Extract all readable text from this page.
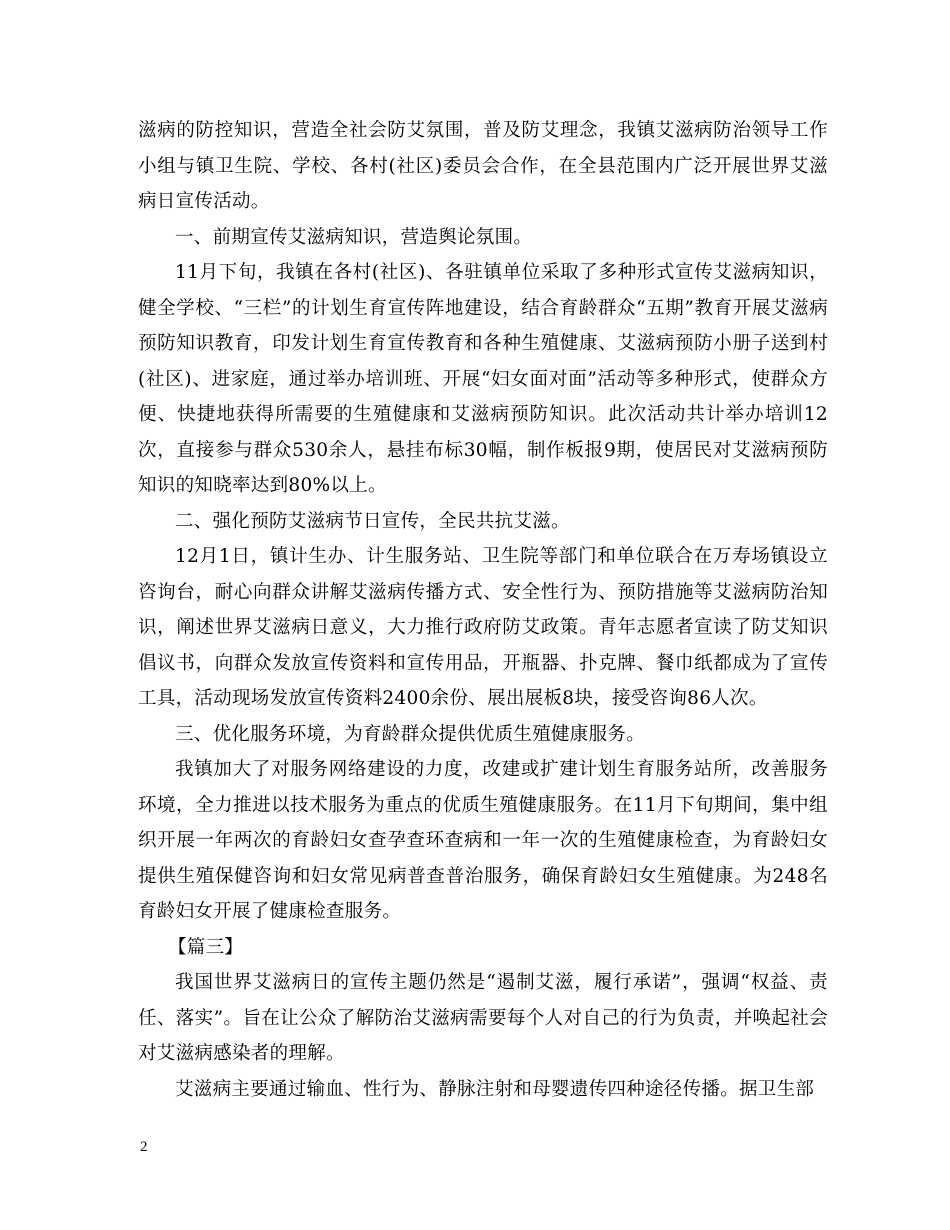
滋病的防控知识，营造全社会防艾氛围，普及防艾理念，我镇艾滋病防治领导工作小组与镇卫生院、学校、各村(社区)委员会合作，在全县范围内广泛开展世界艾滋病日宣传活动。

一、前期宣传艾滋病知识，营造舆论氛围。

11月下旬，我镇在各村(社区)、各驻镇单位采取了多种形式宣传艾滋病知识，健全学校、“三栏”的计划生育宣传阵地建设，结合育龄群众“五期”教育开展艾滋病预防知识教育，印发计划生育宣传教育和各种生殖健康、艾滋病预防小册子送到村(社区)、进家庭，通过举办培训班、开展“妇女面对面”活动等多种形式，使群众方便、快捷地获得所需要的生殖健康和艾滋病预防知识。此次活动共计举办培训12次，直接参与群众530余人，悬挂布标30幅，制作板报9期，使居民对艾滋病预防知识的知晓率达到80%以上。

二、强化预防艾滋病节日宣传，全民共抗艾滋。

12月1日，镇计生办、计生服务站、卫生院等部门和单位联合在万寿场镇设立咨询台，耐心向群众讲解艾滋病传播方式、安全性行为、预防措施等艾滋病防治知识，阐述世界艾滋病日意义，大力推行政府防艾政策。青年志愿者宣读了防艾知识倡议书，向群众发放宣传资料和宣传用品，开瓶器、扑克牌、餐巾纸都成为了宣传工具，活动现场发放宣传资料2400余份、展出展板8块，接受咨询86人次。

三、优化服务环境，为育龄群众提供优质生殖健康服务。

我镇加大了对服务网络建设的力度，改建或扩建计划生育服务站所，改善服务环境，全力推进以技术服务为重点的优质生殖健康服务。在11月下旬期间，集中组织开展一年两次的育龄妇女查孕查环查病和一年一次的生殖健康检查，为育龄妇女提供生殖保健咨询和妇女常见病普查普治服务，确保育龄妇女生殖健康。为248名育龄妇女开展了健康检查服务。

【篇三】

我国世界艾滋病日的宣传主题仍然是“遏制艾滋，履行承诺”，强调“权益、责任、落实”。旨在让公众了解防治艾滋病需要每个人对自己的行为负责，并唤起社会对艾滋病感染者的理解。

艾滋病主要通过输血、性行为、静脉注射和母婴遗传四种途径传播。据卫生部

2
